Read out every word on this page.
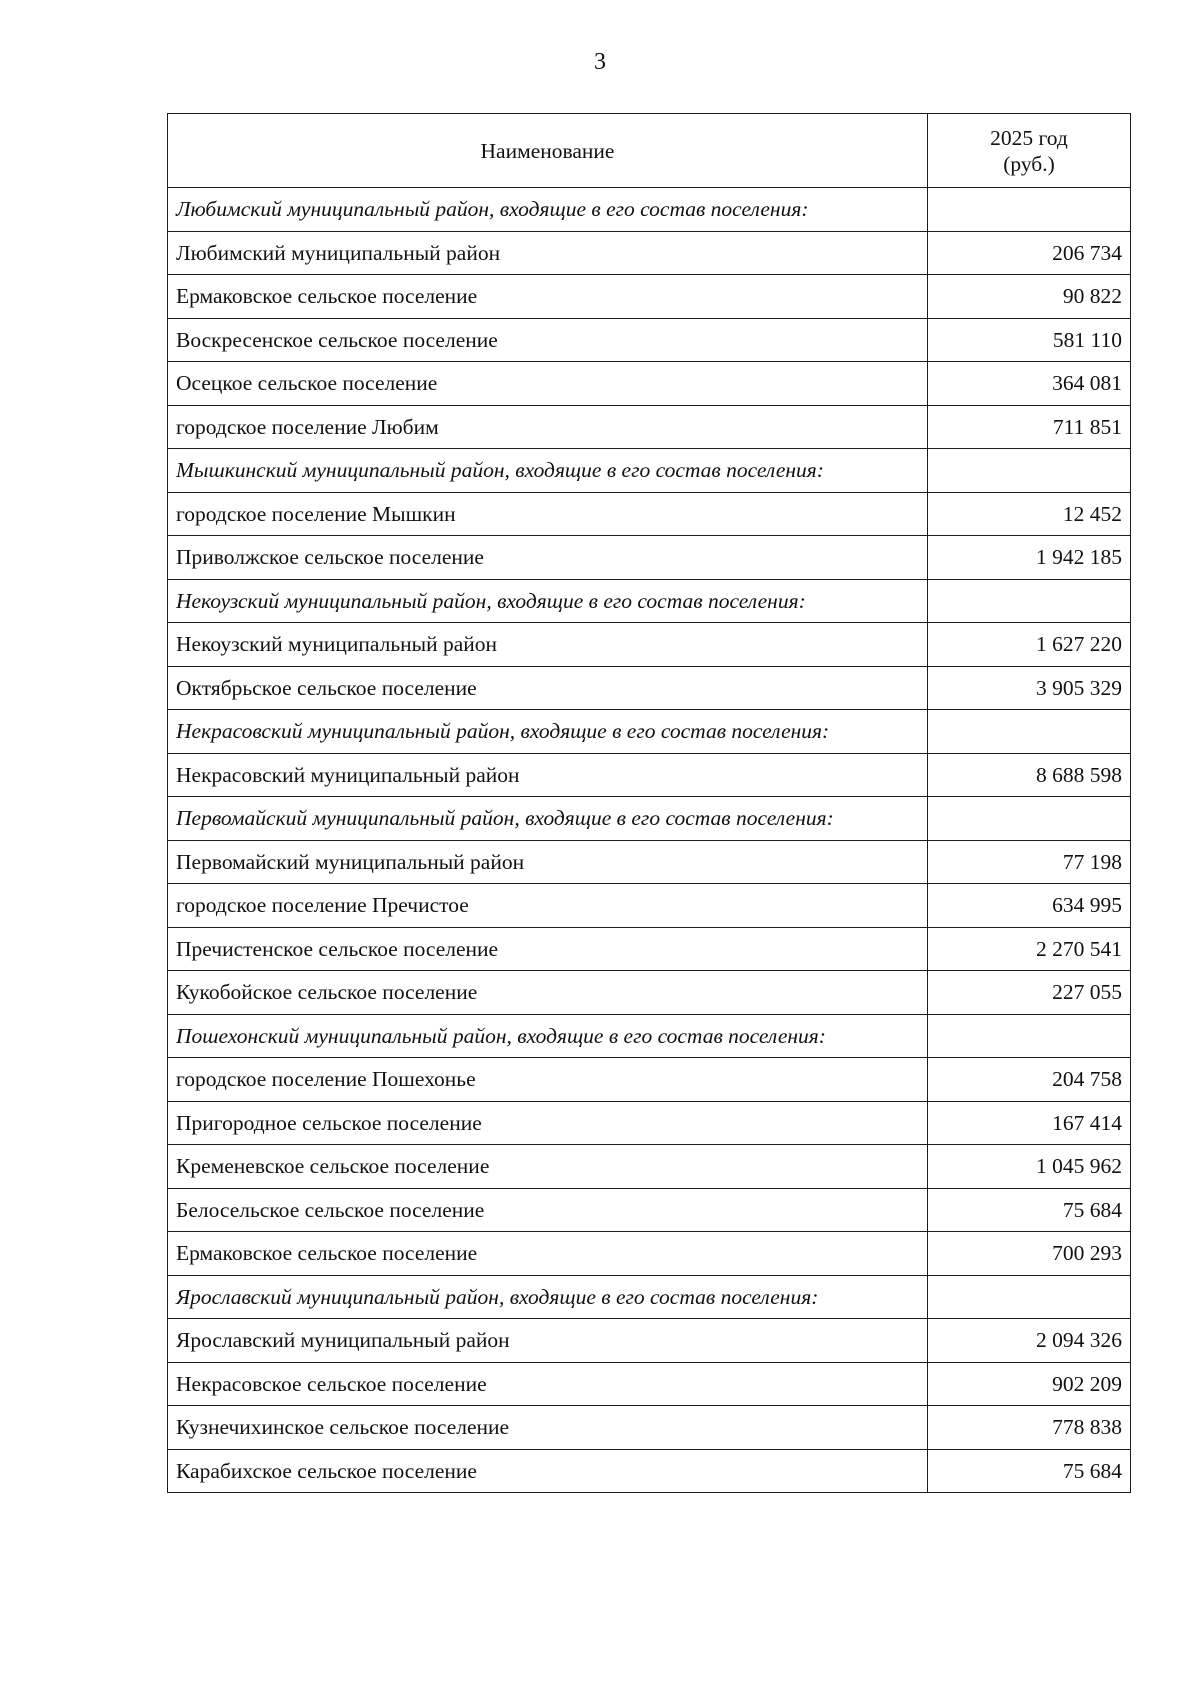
3
Наименование	2025 год
(руб.)

Любимский муниципальный район, входящие в его состав поселения:	
Любимский муниципальный район	206 734
Ермаковское сельское поселение	90 822
Воскресенское сельское поселение	581 110
Осецкое сельское поселение	364 081
городское поселение Любим	711 851
Мышкинский муниципальный район, входящие в его состав поселения:	
городское поселение Мышкин	12 452
Приволжское сельское поселение	1 942 185
Некоузский муниципальный район, входящие в его состав поселения:	
Некоузский муниципальный район	1 627 220
Октябрьское сельское поселение	3 905 329
Некрасовский муниципальный район, входящие в его состав поселения:	
Некрасовский муниципальный район	8 688 598
Первомайский муниципальный район, входящие в его состав поселения:	
Первомайский муниципальный район	77 198
городское поселение Пречистое	634 995
Пречистенское сельское поселение	2 270 541
Кукобойское сельское поселение	227 055
Пошехонский муниципальный район, входящие в его состав поселения:	
городское поселение Пошехонье	204 758
Пригородное сельское поселение	167 414
Кременевское сельское поселение	1 045 962
Белосельское сельское поселение	75 684
Ермаковское сельское поселение	700 293
Ярославский муниципальный район, входящие в его состав поселения:	
Ярославский муниципальный район	2 094 326
Некрасовское сельское поселение	902 209
Кузнечихинское сельское поселение	778 838
Карабихское сельское поселение	75 684
